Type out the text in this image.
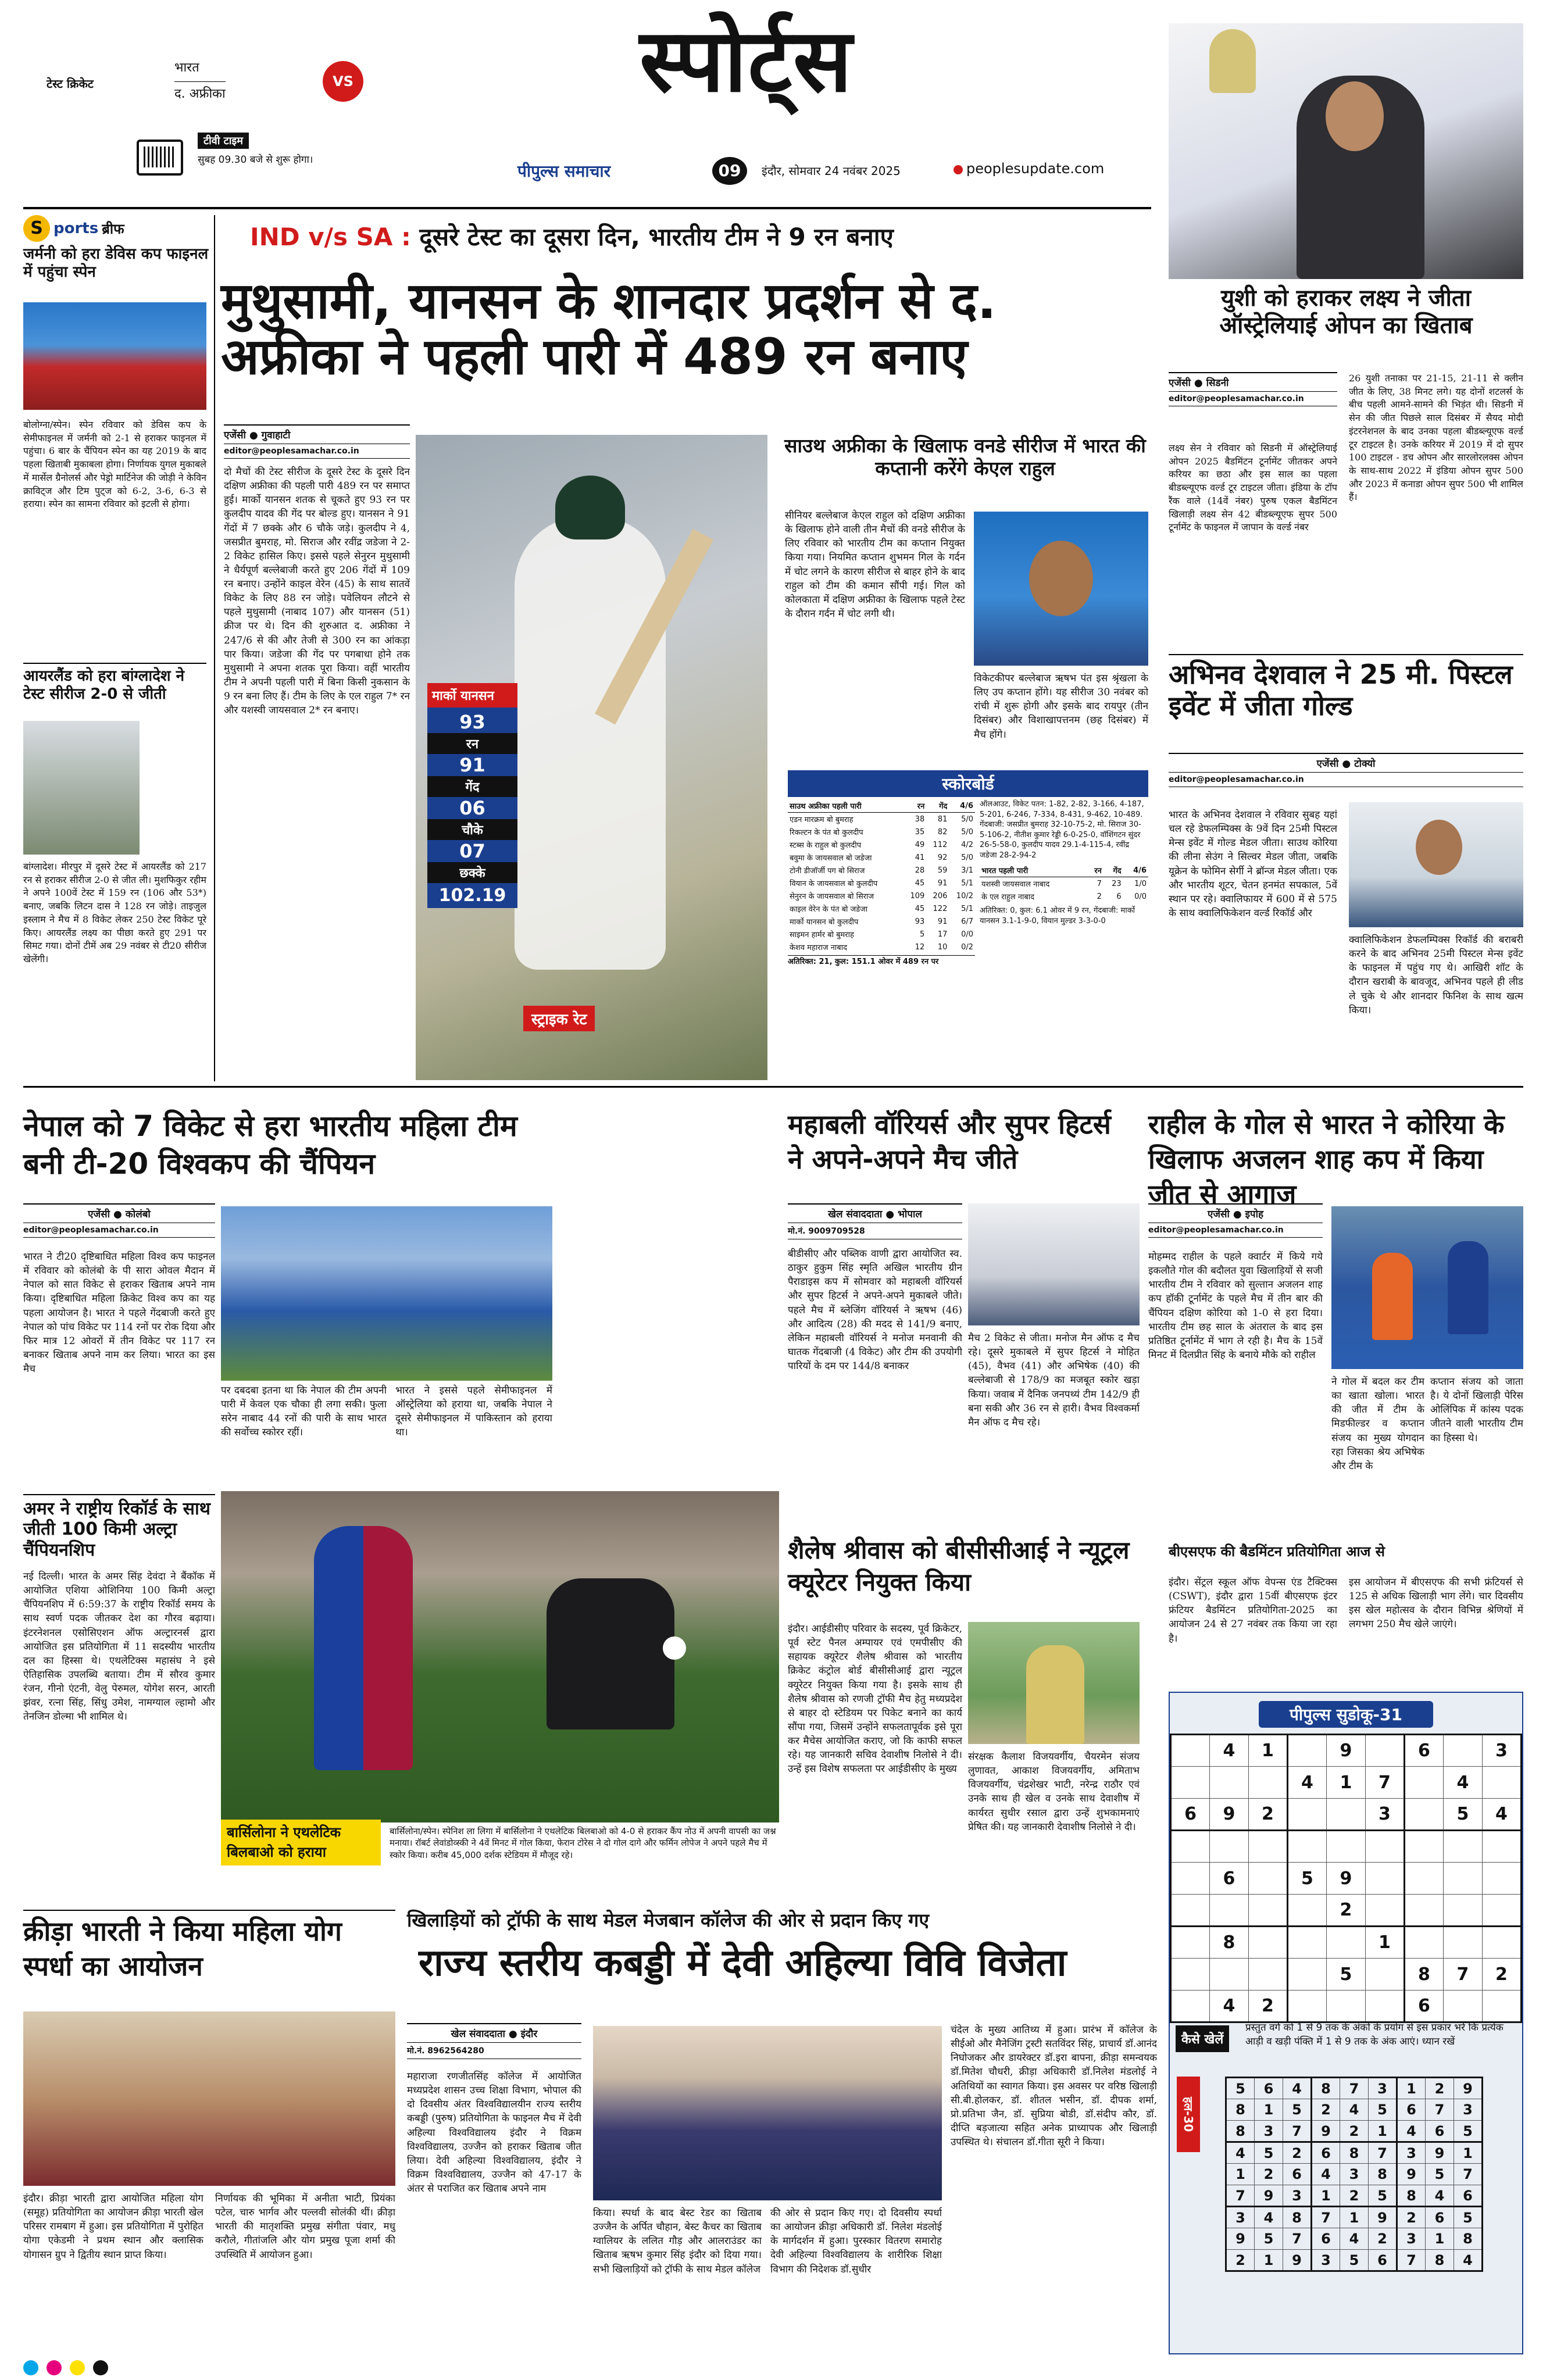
टेस्ट क्रिकेट
भारत
द. अफ्रीका
VS
टीवी टाइम
सुबह 09.30 बजे से शुरू होगा।
स्पोर्ट्स
पीपुल्स समाचार	09	इंदौर, सोमवार 24 नवंबर 2025	peoplesupdate.com
S ports ब्रीफ
जर्मनी को हरा डेविस कप फाइनल में पहुंचा स्पेन
बोलोग्ना/स्पेन। स्पेन रविवार को डेविस कप के सेमीफाइनल में जर्मनी को 2-1 से हराकर फाइनल में पहुंचा। 6 बार के चैंपियन स्पेन का यह 2019 के बाद पहला खिताबी मुकाबला होगा। निर्णायक युगल मुकाबले में मार्सेल ग्रैनोलर्स और पेड्रो मार्टिनेज की जोड़ी ने केविन क्राविट्ज और टिम पुट्ज को 6-2, 3-6, 6-3 से हराया। स्पेन का सामना रविवार को इटली से होगा।
आयरलैंड को हरा बांग्लादेश ने टेस्ट सीरीज 2-0 से जीती
बांग्लादेश। मीरपुर में दूसरे टेस्ट में आयरलैंड को 217 रन से हराकर सीरीज 2-0 से जीत ली। मुशफिकुर रहीम ने अपने 100वें टेस्ट में 159 रन (106 और 53*) बनाए, जबकि लिटन दास ने 128 रन जोड़े। ताइजुल इस्लाम ने मैच में 8 विकेट लेकर 250 टेस्ट विकेट पूरे किए। आयरलैंड लक्ष्य का पीछा करते हुए 291 पर सिमट गया। दोनों टीमें अब 29 नवंबर से टी20 सीरीज खेलेंगी।
IND v/s SA : दूसरे टेस्ट का दूसरा दिन, भारतीय टीम ने 9 रन बनाए
मुथुसामी, यानसन के शानदार प्रदर्शन से द. अफ्रीका ने पहली पारी में 489 रन बनाए
एजेंसी ● गुवाहाटी
editor@peoplesamachar.co.in
दो मैचों की टेस्ट सीरीज के दूसरे टेस्ट के दूसरे दिन दक्षिण अफ्रीका की पहली पारी 489 रन पर समाप्त हुई। मार्को यानसन शतक से चूकते हुए 93 रन पर कुलदीप यादव की गेंद पर बोल्ड हुए। यानसन ने 91 गेंदों में 7 छक्के और 6 चौके जड़े। कुलदीप ने 4, जसप्रीत बुमराह, मो. सिराज और रवींद्र जडेजा ने 2-2 विकेट हासिल किए। इससे पहले सेनुरन मुथुसामी ने धैर्यपूर्ण बल्लेबाजी करते हुए 206 गेंदों में 109 रन बनाए। उन्होंने काइल वेरेन (45) के साथ सातवें विकेट के लिए 88 रन जोड़े। पवेलियन लौटने से पहले मुथुसामी (नाबाद 107) और यानसन (51) क्रीज पर थे। दिन की शुरुआत द. अफ्रीका ने 247/6 से की और तेजी से 300 रन का आंकड़ा पार किया। जडेजा की गेंद पर पगबाधा होने तक मुथुसामी ने अपना शतक पूरा किया। वहीं भारतीय टीम ने अपनी पहली पारी में बिना किसी नुकसान के 9 रन बना लिए हैं। टीम के लिए के एल राहुल 7* रन और यशस्वी जायसवाल 2* रन बनाए।
मार्को यानसन
93
रन
91
गेंद
06
चौके
07
छक्के
102.19
स्ट्राइक रेट
साउथ अफ्रीका के खिलाफ वनडे सीरीज में भारत की कप्तानी करेंगे केएल राहुल
सीनियर बल्लेबाज केएल राहुल को दक्षिण अफ्रीका के खिलाफ होने वाली तीन मैचों की वनडे सीरीज के लिए रविवार को भारतीय टीम का कप्तान नियुक्त किया गया। नियमित कप्तान शुभमन गिल के गर्दन में चोट लगने के कारण सीरीज से बाहर होने के बाद राहुल को टीम की कमान सौंपी गई। गिल को कोलकाता में दक्षिण अफ्रीका के खिलाफ पहले टेस्ट के दौरान गर्दन में चोट लगी थी।
विकेटकीपर बल्लेबाज ऋषभ पंत इस श्रृंखला के लिए उप कप्तान होंगे। यह सीरीज 30 नवंबर को रांची में शुरू होगी और इसके बाद रायपुर (तीन दिसंबर) और विशाखापत्तनम (छह दिसंबर) में मैच होंगे।
स्कोरबोर्ड
साउथ अफ्रीका पहली पारी	रन	गेंद	4/6
एडन मारक्रम बो बुमराह	38	81	5/0
रिकल्टन के पंत बो कुलदीप	35	82	5/0
स्टब्स के राहुल बो कुलदीप	49	112	4/2
बवुमा के जायसवाल बो जडेजा	41	92	5/0
टोनी डीजॉर्जी पग बो सिराज	28	59	3/1
वियान के जायसवाल बो कुलदीप	45	91	5/1
सेनुरन के जायसवाल बो सिराज	109	206	10/2
काइल वेरेन के पंत बो जडेजा	45	122	5/1
मार्को यानसन बो कुलदीप	93	91	6/7
साइमन हार्मर बो बुमराह	5	17	0/0
केशव महाराज नाबाद	12	10	0/2
अतिरिक्त: 21, कुल: 151.1 ओवर में 489 रन पर
ऑलआउट, विकेट पतन: 1-82, 2-82, 3-166, 4-187, 5-201, 6-246, 7-334, 8-431, 9-462, 10-489. गेंदबाजी: जसप्रीत बुमराह 32-10-75-2, मो. सिराज 30-5-106-2, नीतीश कुमार रेड्डी 6-0-25-0, वॉशिंगटन सुंदर 26-5-58-0, कुलदीप यादव 29.1-4-115-4, रवींद्र जडेजा 28-2-94-2
भारत पहली पारी	रन	गेंद	4/6
यशस्वी जायसवाल नाबाद	7	23	1/0
के एल राहुल नाबाद	2	6	0/0
अतिरिक्त: 0, कुल: 6.1 ओवर में 9 रन, गेंदबाजी: मार्को यानसन 3.1-1-9-0, वियान मुल्डर 3-3-0-0
युशी को हराकर लक्ष्य ने जीता ऑस्ट्रेलियाई ओपन का खिताब
एजेंसी ● सिडनी
editor@peoplesamachar.co.in
लक्ष्य सेन ने रविवार को सिडनी में ऑस्ट्रेलियाई ओपन 2025 बैडमिंटन टूर्नामेंट जीतकर अपने करियर का छठा और इस साल का पहला बीडब्ल्यूएफ वर्ल्ड टूर टाइटल जीता। इंडिया के टॉप रैंक वाले (14वें नंबर) पुरुष एकल बैडमिंटन खिलाड़ी लक्ष्य सेन 42 बीडब्ल्यूएफ सुपर 500 टूर्नामेंट के फाइनल में जापान के वर्ल्ड नंबर
26 युशी तनाका पर 21-15, 21-11 से क्लीन जीत के लिए, 38 मिनट लगे। यह दोनों शटलर्स के बीच पहली आमने-सामने की भिड़ंत थी। सिडनी में सेन की जीत पिछले साल दिसंबर में सैयद मोदी इंटरनेशनल के बाद उनका पहला बीडब्ल्यूएफ वर्ल्ड टूर टाइटल है। उनके करियर में 2019 में दो सुपर 100 टाइटल - डच ओपन और सारलोरलक्स ओपन के साथ-साथ 2022 में इंडिया ओपन सुपर 500 और 2023 में कनाडा ओपन सुपर 500 भी शामिल हैं।
अभिनव देशवाल ने 25 मी. पिस्टल इवेंट में जीता गोल्ड
एजेंसी ● टोक्यो
editor@peoplesamachar.co.in
भारत के अभिनव देशवाल ने रविवार सुबह यहां चल रहे डेफलम्पिक्स के 9वें दिन 25मी पिस्टल मेन्स इवेंट में गोल्ड मेडल जीता। साउथ कोरिया की लीना सेउंग ने सिल्वर मेडल जीता, जबकि यूक्रेन के फोमिन सेर्गी ने ब्रॉन्ज मेडल जीता। एक और भारतीय शूटर, चेतन हनमंत सपकाल, 5वें स्थान पर रहे। क्वालिफायर में 600 में से 575 के साथ क्वालिफिकेशन वर्ल्ड रिकॉर्ड और
क्वालिफिकेशन डेफलम्पिक्स रिकॉर्ड की बराबरी करने के बाद अभिनव 25मी पिस्टल मेन्स इवेंट के फाइनल में पहुंच गए थे। आखिरी शॉट के दौरान खराबी के बावजूद, अभिनव पहले ही लीड ले चुके थे और शानदार फिनिश के साथ खत्म किया।
नेपाल को 7 विकेट से हरा भारतीय महिला टीम बनी टी-20 विश्वकप की चैंपियन
एजेंसी ● कोलंबो
editor@peoplesamachar.co.in
भारत ने टी20 दृष्टिबाधित महिला विश्व कप फाइनल में रविवार को कोलंबो के पी सारा ओवल मैदान में नेपाल को सात विकेट से हराकर खिताब अपने नाम किया। दृष्टिबाधित महिला क्रिकेट विश्व कप का यह पहला आयोजन है। भारत ने पहले गेंदबाजी करते हुए नेपाल को पांच विकेट पर 114 रनों पर रोक दिया और फिर मात्र 12 ओवरों में तीन विकेट पर 117 रन बनाकर खिताब अपने नाम कर लिया। भारत का इस मैच
पर दबदबा इतना था कि नेपाल की टीम अपनी पारी में केवल एक चौका ही लगा सकी। फुला सरेन नाबाद 44 रनों की पारी के साथ भारत की सर्वोच्च स्कोरर रहीं।
भारत ने इससे पहले सेमीफाइनल में ऑस्ट्रेलिया को हराया था, जबकि नेपाल ने दूसरे सेमीफाइनल में पाकिस्तान को हराया था।
महाबली वॉरियर्स और सुपर हिटर्स ने अपने-अपने मैच जीते
खेल संवाददाता ● भोपाल
मो.नं. 9009709528
बीडीसीए और पब्लिक वाणी द्वारा आयोजित स्व. ठाकुर हुकुम सिंह स्मृति अखिल भारतीय ग्रीन पैराडाइस कप में सोमवार को महाबली वॉरियर्स और सुपर हिटर्स ने अपने-अपने मुकाबले जीते। पहले मैच में ब्लेजिंग वॉरियर्स ने ऋषभ (46) और आदित्य (28) की मदद से 141/9 बनाए, लेकिन महाबली वॉरियर्स ने मनोज मनवानी की घातक गेंदबाजी (4 विकेट) और टीम की उपयोगी पारियों के दम पर 144/8 बनाकर
मैच 2 विकेट से जीता। मनोज मैन ऑफ द मैच रहे। दूसरे मुकाबले में सुपर हिटर्स ने मोहित (45), वैभव (41) और अभिषेक (40) की बल्लेबाजी से 178/9 का मजबूत स्कोर खड़ा किया। जवाब में दैनिक जनपथ्यं टीम 142/9 ही बना सकी और 36 रन से हारी। वैभव विश्वकर्मा मैन ऑफ द मैच रहे।
राहील के गोल से भारत ने कोरिया के खिलाफ अजलन शाह कप में किया जीत से आगाज
एजेंसी ● इपोह
editor@peoplesamachar.co.in
मोहम्मद राहील के पहले क्वार्टर में किये गये इकलौते गोल की बदौलत युवा खिलाड़ियों से सजी भारतीय टीम ने रविवार को सुल्तान अजलन शाह कप हॉकी टूर्नामेंट के पहले मैच में तीन बार की चैंपियन दक्षिण कोरिया को 1-0 से हरा दिया। भारतीय टीम छह साल के अंतराल के बाद इस प्रतिष्ठित टूर्नामेंट में भाग ले रही है। मैच के 15वें मिनट में दिलप्रीत सिंह के बनाये मौके को राहील
ने गोल में बदल कर टीम का खाता खोला। भारत की जीत में टीम के मिडफील्डर व कप्तान संजय का मुख्य योगदान रहा जिसका श्रेय अभिषेक और टीम के
कप्तान संजय को जाता है। ये दोनों खिलाड़ी पेरिस ओलिंपिक में कांस्य पदक जीतने वाली भारतीय टीम का हिस्सा थे।
अमर ने राष्ट्रीय रिकॉर्ड के साथ जीती 100 किमी अल्ट्रा चैंपियनशिप
नई दिल्ली। भारत के अमर सिंह देवंदा ने बैंकॉक में आयोजित एशिया ओशिनिया 100 किमी अल्ट्रा चैंपियनशिप में 6:59:37 के राष्ट्रीय रिकॉर्ड समय के साथ स्वर्ण पदक जीतकर देश का गौरव बढ़ाया। इंटरनेशनल एसोसिएशन ऑफ अल्ट्रारनर्स द्वारा आयोजित इस प्रतियोगिता में 11 सदस्यीय भारतीय दल का हिस्सा थे। एथलेटिक्स महासंघ ने इसे ऐतिहासिक उपलब्धि बताया। टीम में सौरव कुमार रंजन, गीनो एंटनी, वेलु पेरुमल, योगेश सरन, आरती झंवर, रत्ना सिंह, सिंधु उमेश, नामग्याल ल्हामो और तेनजिन डोल्मा भी शामिल थे।
बार्सिलोना ने एथलेटिक बिलबाओ को हराया
बार्सिलोना/स्पेन। स्पेनिश ला लिगा में बार्सिलोना ने एथलेटिक बिलबाओ को 4-0 से हराकर कैंप नोउ में अपनी वापसी का जश्न मनाया। रॉबर्ट लेवांडोव्स्की ने 4वें मिनट में गोल किया, फेरान टोरेस ने दो गोल दागे और फर्मिन लोपेज ने अपने पहले मैच में स्कोर किया। करीब 45,000 दर्शक स्टेडियम में मौजूद रहे।
शैलेष श्रीवास को बीसीसीआई ने न्यूट्रल क्यूरेटर नियुक्त किया
इंदौर। आईडीसीए परिवार के सदस्य, पूर्व क्रिकेटर, पूर्व स्टेट पैनल अम्पायर एवं एमपीसीए की सहायक क्यूरेटर शैलेष श्रीवास को भारतीय क्रिकेट कंट्रोल बोर्ड बीसीसीआई द्वारा न्यूट्रल क्यूरेटर नियुक्त किया गया है। इसके साथ ही शैलेष श्रीवास को रणजी ट्रॉफी मैच हेतु मध्यप्रदेश से बाहर दो स्टेडियम पर पिकेट बनाने का कार्य सौंपा गया, जिसमें उन्होंने सफलतापूर्वक इसे पूरा कर मैचेस आयोजित कराए, जो कि काफी सफल रहे। यह जानकारी सचिव देवाशीष निलोसे ने दी। उन्हें इस विशेष सफलता पर आईडीसीए के मुख्य
संरक्षक कैलाश विजयवर्गीय, चैयरमेन संजय लुणावत, आकाश विजयवर्गीय, अमिताभ विजयवर्गीय, चंद्रशेखर भाटी, नरेन्द्र राठौर एवं उनके साथ ही खेल व उनके साथ देवाशीष में कार्यरत सुधीर रसाल द्वारा उन्हें शुभकामनाएं प्रेषित की। यह जानकारी देवाशीष निलोसे ने दी।
बीएसएफ की बैडमिंटन प्रतियोगिता आज से
इंदौर। सेंट्रल स्कूल ऑफ वेपन्स एंड टैक्टिक्स (CSWT), इंदौर द्वारा 15वीं बीएसएफ इंटर फ्रंटियर बैडमिंटन प्रतियोगिता-2025 का आयोजन 24 से 27 नवंबर तक किया जा रहा है।
इस आयोजन में बीएसएफ की सभी फ्रंटियर्स से 125 से अधिक खिलाड़ी भाग लेंगे। चार दिवसीय इस खेल महोत्सव के दौरान विभिन्न श्रेणियों में लगभग 250 मैच खेले जाएंगे।
पीपुल्स सुडोकू-31
	4	1		9		6		3
			4	1	7		4	
6	9	2			3		5	4

	6		5	9				
				2				
	8				1			
				5		8	7	2
	4	2				6		
कैसे खेलें
प्रस्तुत वर्ग को 1 से 9 तक के अंकों के प्रयोग से इस प्रकार भरें कि प्रत्येक आड़ी व खड़ी पंक्ति में 1 से 9 तक के अंक आएं। ध्यान रखें
हल-30
5	6	4	8	7	3	1	2	9
8	1	5	2	4	5	6	7	3
8	3	7	9	2	1	4	6	5
4	5	2	6	8	7	3	9	1
1	2	6	4	3	8	9	5	7
7	9	3	1	2	5	8	4	6
3	4	8	7	1	9	2	6	5
9	5	7	6	4	2	3	1	8
2	1	9	3	5	6	7	8	4
क्रीड़ा भारती ने किया महिला योग स्पर्धा का आयोजन
इंदौर। क्रीड़ा भारती द्वारा आयोजित महिला योग (समूह) प्रतियोगिता का आयोजन क्रीड़ा भारती खेल परिसर रामबाग में हुआ। इस प्रतियोगिता में पुरोहित योगा एकेडमी ने प्रथम स्थान और क्लासिक योगासन ग्रुप ने द्वितीय स्थान प्राप्त किया।
निर्णायक की भूमिका में अनीता भाटी, प्रियंका पटेल, चारु भार्गव और पल्लवी सोलंकी थीं। क्रीड़ा भारती की मातृशक्ति प्रमुख संगीता पंवार, मधु करौले, गीतांजलि और योग प्रमुख पूजा शर्मा की उपस्थिति में आयोजन हुआ।
खिलाड़ियों को ट्रॉफी के साथ मेडल मेजबान कॉलेज की ओर से प्रदान किए गए
राज्य स्तरीय कबड्डी में देवी अहिल्या विवि विजेता
खेल संवाददाता ● इंदौर
मो.नं. 8962564280
महाराजा रणजीतसिंह कॉलेज में आयोजित मध्यप्रदेश शासन उच्च शिक्षा विभाग, भोपाल की दो दिवसीय अंतर विश्वविद्यालयीन राज्य स्तरीय कबड्डी (पुरुष) प्रतियोगिता के फाइनल मैच में देवी अहिल्या विश्वविद्यालय इंदौर ने विक्रम विश्वविद्यालय, उज्जैन को हराकर खिताब जीत लिया। देवी अहिल्या विश्वविद्यालय, इंदौर ने विक्रम विश्वविद्यालय, उज्जैन को 47-17 के अंतर से पराजित कर खिताब अपने नाम
किया। स्पर्धा के बाद बेस्ट रेडर का खिताब उज्जैन के अर्पित चौहान, बेस्ट कैचर का खिताब ग्वालियर के ललित गौड़ और आलराउंडर का खिताब ऋषभ कुमार सिंह इंदौर को दिया गया। सभी खिलाड़ियों को ट्रॉफी के साथ मेडल कॉलेज
की ओर से प्रदान किए गए। दो दिवसीय स्पर्धा का आयोजन क्रीड़ा अधिकारी डॉ. निलेश मंडलोई के मार्गदर्शन में हुआ। पुरस्कार वितरण समारोह देवी अहिल्या विश्वविद्यालय के शारीरिक शिक्षा विभाग की निदेशक डॉ.सुधीर
चंदेल के मुख्य आतिथ्य में हुआ। प्रारंभ में कॉलेज के सीईओ और मैनेजिंग ट्रस्टी सतविंदर सिंह, प्राचार्य डॉ.आनंद निघोजकर और डायरेक्टर डॉ.इरा बापना, क्रीड़ा समन्वयक डॉ.मितेश चौधरी, क्रीड़ा अधिकारी डॉ.निलेश मंडलोई ने अतिथियों का स्वागत किया। इस अवसर पर वरिष्ठ खिलाड़ी सी.बी.होलकर, डॉ. शीतल भसीन, डॉ. दीपक शर्मा, प्रो.प्रतिभा जैन, डॉ. सुप्रिया बोडी, डॉ.संदीप कौर, डॉ. दीप्ति बड़जात्या सहित अनेक प्राध्यापक और खिलाड़ी उपस्थित थे। संचालन डॉ.गीता सूरी ने किया।
